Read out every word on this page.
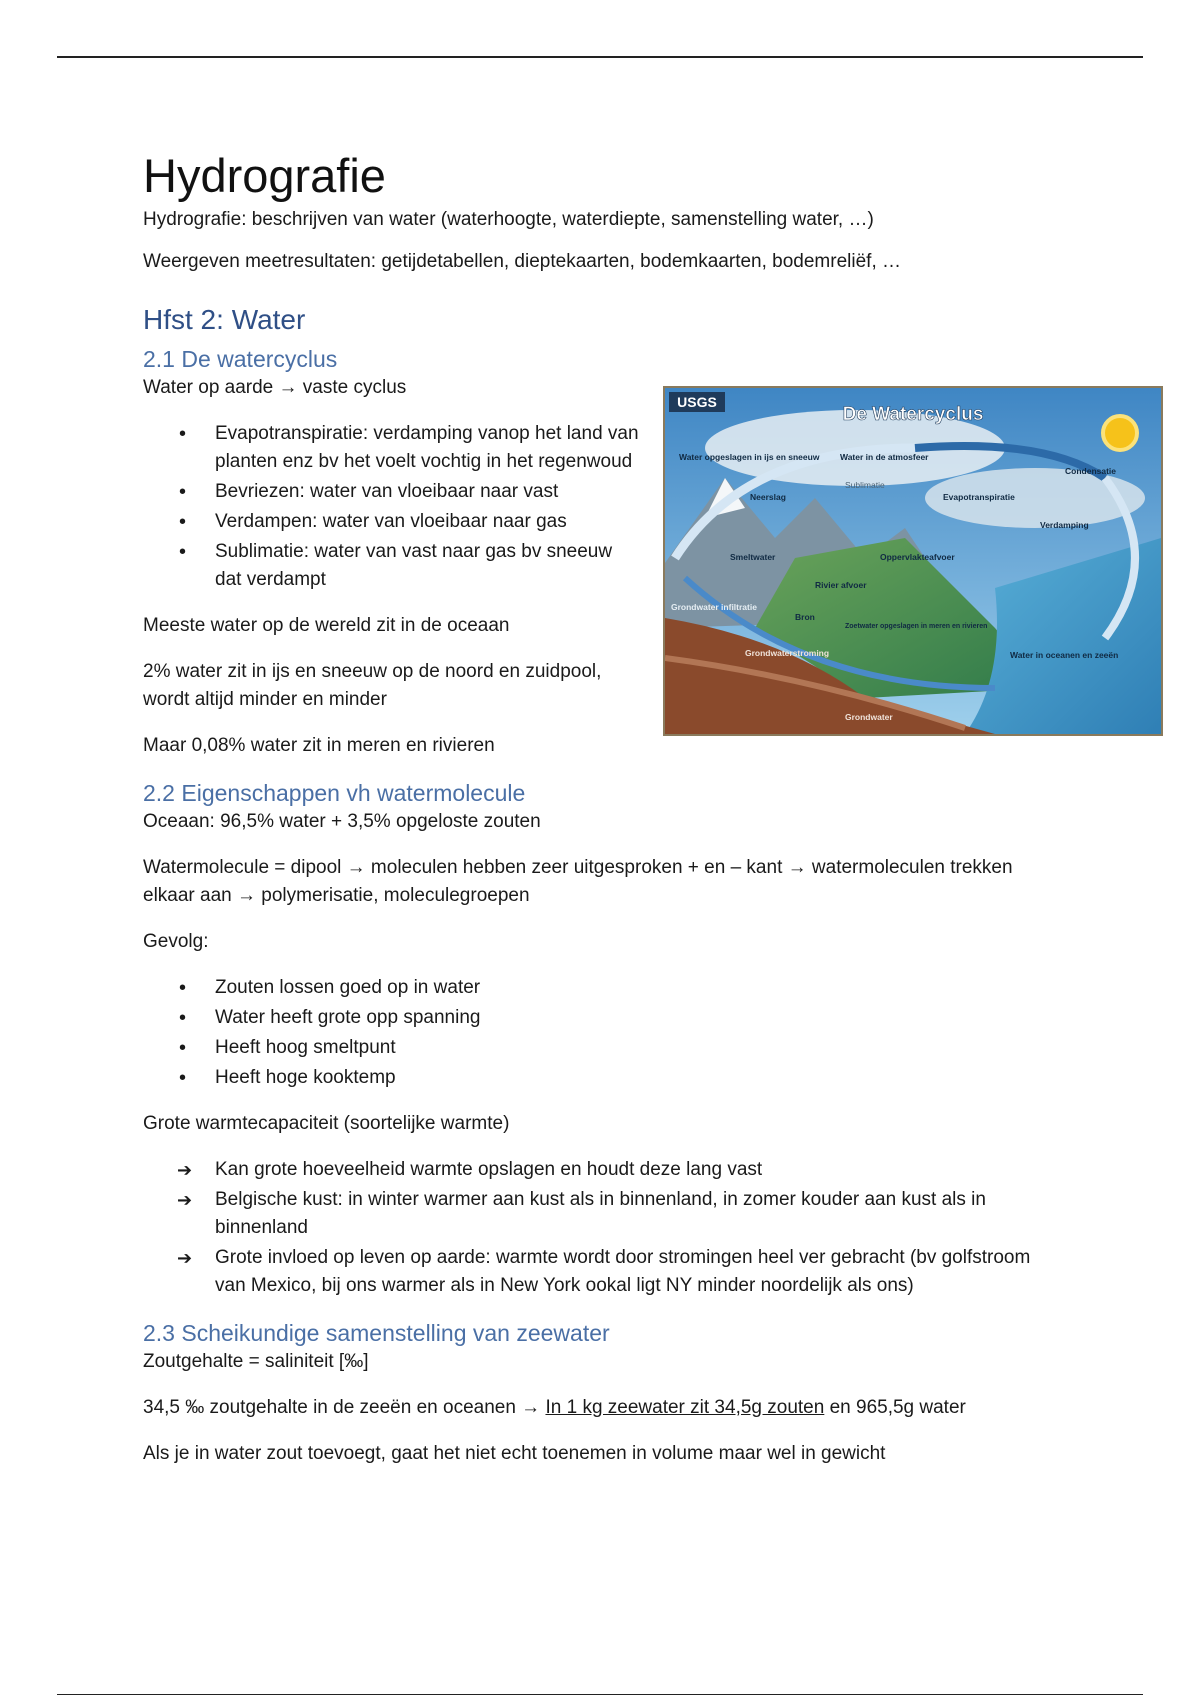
Hydrografie

Hydrografie: beschrijven van water (waterhoogte, waterdiepte, samenstelling water, …)

Weergeven meetresultaten: getijdetabellen, dieptekaarten, bodemkaarten, bodemreliëf, …

Hfst 2: Water
2.1 De watercyclus

Water op aarde → vaste cyclus

• Evapotranspiratie: verdamping vanop het land van planten enz bv het voelt vochtig in het regenwoud
• Bevriezen: water van vloeibaar naar vast
• Verdampen: water van vloeibaar naar gas
• Sublimatie: water van vast naar gas bv sneeuw dat verdampt

Meeste water op de wereld zit in de oceaan

2% water zit in ijs en sneeuw op de noord en zuidpool, wordt altijd minder en minder

Maar 0,08% water zit in meren en rivieren

2.2 Eigenschappen vh watermolecule

Oceaan: 96,5% water + 3,5% opgeloste zouten

Watermolecule = dipool → moleculen hebben zeer uitgesproken + en – kant → watermoleculen trekken elkaar aan → polymerisatie, moleculegroepen

Gevolg:

• Zouten lossen goed op in water
• Water heeft grote opp spanning
• Heeft hoog smeltpunt
• Heeft hoge kooktemp

Grote warmtecapaciteit (soortelijke warmte)

➔ Kan grote hoeveelheid warmte opslagen en houdt deze lang vast
➔ Belgische kust: in winter warmer aan kust als in binnenland, in zomer kouder aan kust als in binnenland
➔ Grote invloed op leven op aarde: warmte wordt door stromingen heel ver gebracht (bv golfstroom van Mexico, bij ons warmer als in New York ookal ligt NY minder noordelijk als ons)
2.3 Scheikundige samenstelling van zeewater

Zoutgehalte = saliniteit [‰]

34,5 ‰ zoutgehalte in de zeeën en oceanen → In 1 kg zeewater zit 34,5g zouten en 965,5g water

Als je in water zout toevoegt, gaat het niet echt toenemen in volume maar wel in gewicht

USGS
De Watercyclus
Water opgeslagen in ijs en sneeuw Water in de atmosfeer
Condensatie
Sublimatie
Neerslag	Evapotranspiratie
Verdamping
Smeltwater	Oppervlakteafvoer
Rivier afvoer
Grondwater infiltratie
Bron
Zoetwater opgeslagen in meren en rivieren
Grondwaterstroming	Water in oceanen en zeeën
Grondwater
